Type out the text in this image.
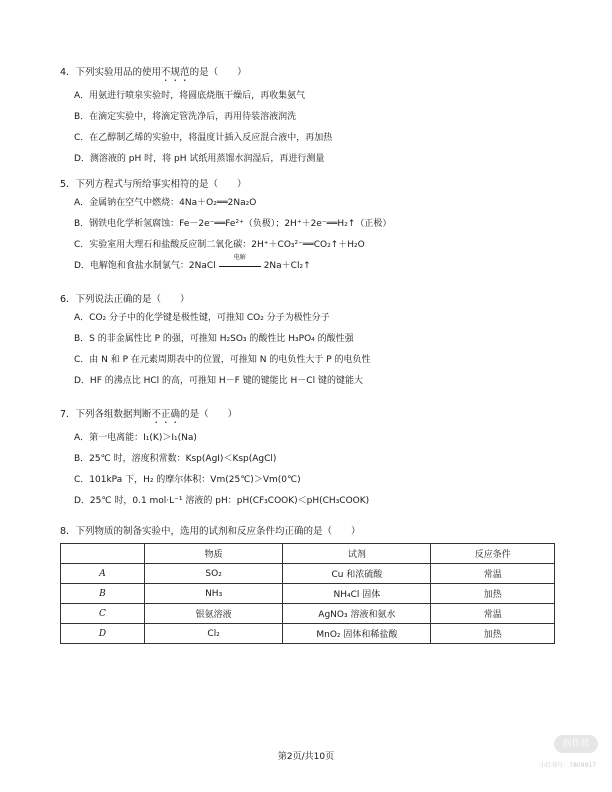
4．下列实验用品的使用不规范的是（　　）
A．用氨进行喷泉实验时，将圆底烧瓶干燥后，再收集氨气
B．在滴定实验中，将滴定管洗净后，再用待装溶液润洗
C．在乙醇制乙烯的实验中，将温度计插入反应混合液中，再加热
D．测溶液的 pH 时，将 pH 试纸用蒸馏水润湿后，再进行测量
5．下列方程式与所给事实相符的是（　　）
A．金属钠在空气中燃烧：4Na＋O₂══2Na₂O
B．钢铁电化学析氢腐蚀：Fe－2e⁻══Fe²⁺（负极）；2H⁺＋2e⁻══H₂↑（正极）
C．实验室用大理石和盐酸反应制二氧化碳：2H⁺＋CO₃²⁻══CO₂↑＋H₂O
D．电解饱和食盐水制氯气：2NaCl
电解
2Na＋Cl₂↑
6．下列说法正确的是（　　）
A．CO₂ 分子中的化学键是极性键，可推知 CO₂ 分子为极性分子
B．S 的非金属性比 P 的强，可推知 H₂SO₃ 的酸性比 H₃PO₄ 的酸性强
C．由 N 和 P 在元素周期表中的位置，可推知 N 的电负性大于 P 的电负性
D．HF 的沸点比 HCl 的高，可推知 H－F 键的键能比 H－Cl 键的键能大
7．下列各组数据判断不正确的是（　　）
A．第一电离能：I₁(K)＞I₁(Na)
B．25℃ 时，溶度积常数：Ksp(AgI)＜Ksp(AgCl)
C．101kPa 下，H₂ 的摩尔体积：Vm(25℃)＞Vm(0℃)
D．25℃ 时，0.1 mol·L⁻¹ 溶液的 pH：pH(CF₃COOK)＜pH(CH₃COOK)
8．下列物质的制备实验中，选用的试剂和反应条件均正确的是（　　）
	物质	试剂	反应条件
A	SO₂	Cu 和浓硫酸	常温
B	NH₃	NH₄Cl 固体	加热
C	银氨溶液	AgNO₃ 溶液和氨水	常温
D	Cl₂	MnO₂ 固体和稀盐酸	加热
第2页/共10页
创作营
小红书号：7809917
